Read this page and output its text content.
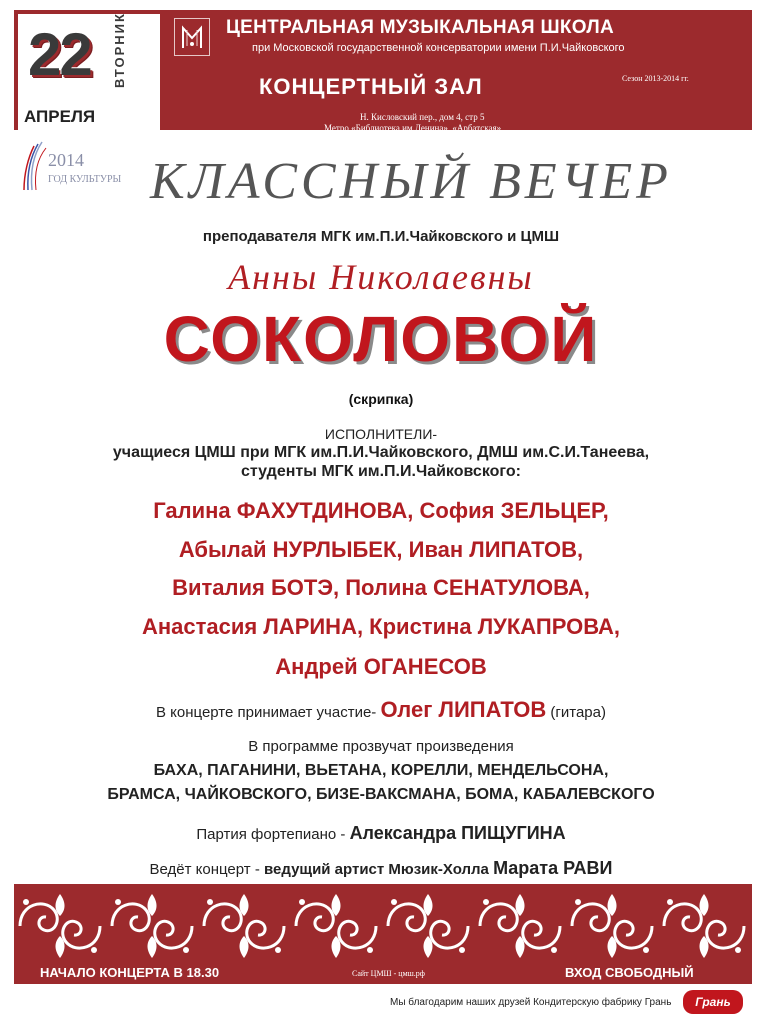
22 ВТОРНИК
АПРЕЛЯ
ЦЕНТРАЛЬНАЯ МУЗЫКАЛЬНАЯ ШКОЛА
при Московской государственной консерватории имени П.И.Чайковского
КОНЦЕРТНЫЙ ЗАЛ	Сезон 2013-2014 гг.
Н. Кисловский пер., дом 4, стр 5
Метро «Библиотека им.Ленина», «Арбатская»
2014
ГОД КУЛЬТУРЫ КЛАССНЫЙ ВЕЧЕР
преподавателя МГК им.П.И.Чайковского и ЦМШ
Анны Николаевны
СОКОЛОВОЙ
(скрипка)
ИСПОЛНИТЕЛИ-
учащиеся ЦМШ при МГК им.П.И.Чайковского, ДМШ им.С.И.Танеева,
студенты МГК им.П.И.Чайковского:
Галина ФАХУТДИНОВА, София ЗЕЛЬЦЕР,
Абылай НУРЛЫБЕК, Иван ЛИПАТОВ,
Виталия БОТЭ, Полина СЕНАТУЛОВА,
Анастасия ЛАРИНА, Кристина ЛУКАПРОВА,
Андрей ОГАНЕСОВ
В концерте принимает участие- Олег ЛИПАТОВ (гитара)
В программе прозвучат произведения
БАХА, ПАГАНИНИ, ВЬЕТАНА, КОРЕЛЛИ, МЕНДЕЛЬСОНА,
БРАМСА, ЧАЙКОВСКОГО, БИЗЕ-ВАКСМАНА, БОМА, КАБАЛЕВСКОГО
Партия фортепиано - Александра ПИЩУГИНА
Ведёт концерт - ведущий артист Мюзик-Холла Марата РАВИ
НАЧАЛО КОНЦЕРТА В 18.30	Сайт ЦМШ - цмш.рф	ВХОД СВОБОДНЫЙ
Мы благодарим наших друзей Кондитерскую фабрику Грань	Грань
